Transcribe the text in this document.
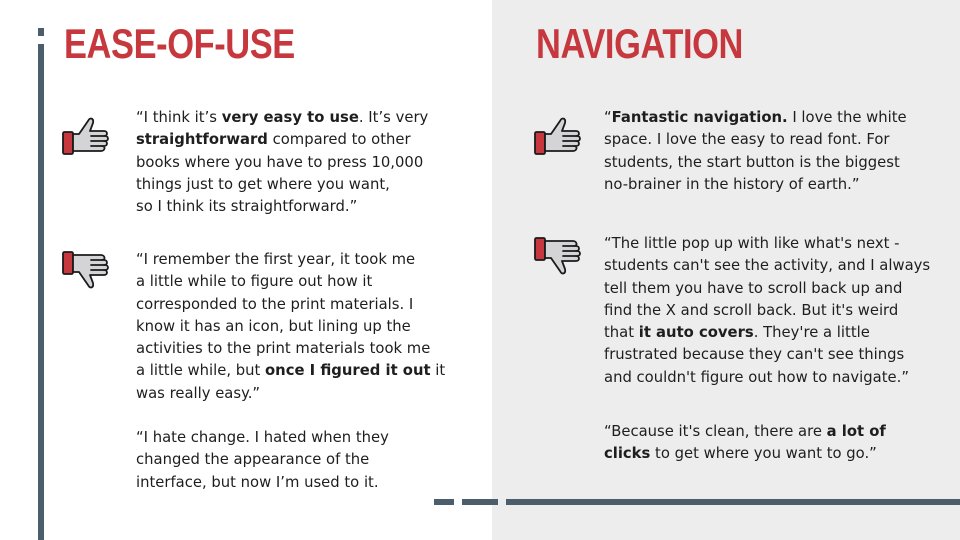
EASE-OF-USE	NAVIGATION

“I think it’s very easy to use. It’s very
straightforward compared to other
books where you have to press 10,000
things just to get where you want,
so I think its straightforward.”

“I remember the first year, it took me
a little while to figure out how it
corresponded to the print materials. I
know it has an icon, but lining up the
activities to the print materials took me
a little while, but once I figured it out it
was really easy.”

“I hate change. I hated when they
changed the appearance of the
interface, but now I’m used to it.

“Fantastic navigation. I love the white
space. I love the easy to read font. For
students, the start button is the biggest
no-brainer in the history of earth.”

“The little pop up with like what's next -
students can't see the activity, and I always
tell them you have to scroll back up and
find the X and scroll back. But it's weird
that it auto covers. They're a little
frustrated because they can't see things
and couldn't figure out how to navigate.”

“Because it's clean, there are a lot of
clicks to get where you want to go.”
